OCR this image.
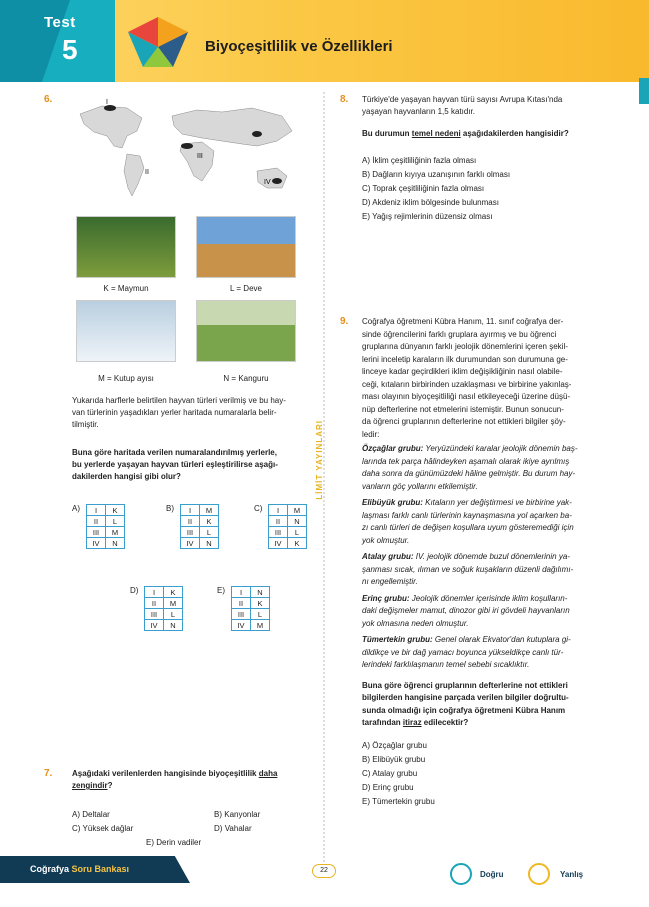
Test
5	Biyoçeşitlilik ve Özellikleri
6.	I
II
III
IV
K = Maymun	L = Deve
M = Kutup ayısı	N = Kanguru
Yukarıda harflerle belirtilen hayvan türleri verilmiş ve bu hay-
van türlerinin yaşadıkları yerler haritada numaralarla belir-
tilmiştir.
Buna göre haritada verilen numaralandırılmış yerlerle,
bu yerlerde yaşayan hayvan türleri eşleştirilirse aşağı-
dakilerden hangisi gibi olur?
7. Aşağıdaki verilenlerden hangisinde biyoçeşitlilik daha
zengindir?
A) Deltalar	B) Kanyonlar
C) Yüksek dağlar	D) Vahalar
E) Derin vadiler
LİMİT YAYINLARI
8. Türkiye'de yaşayan hayvan türü sayısı Avrupa Kıtası'nda
yaşayan hayvanların 1,5 katıdır.
Bu durumun temel nedeni aşağıdakilerden hangisidir?
9.
Coğrafya Soru Bankası	22	Doğru	Yanlış
A) I	K
II	L
III	M
IV	N
B) I	M
II	K
III	L
IV	N
C) I	M
II	N
III	L
IV	K
D) I	K
II	M
III	L
IV	N
E) I	N
II	K
III	L
IV	M
A) İklim çeşitliliğinin fazla olması
B) Dağların kıyıya uzanışının farklı olması
C) Toprak çeşitliliğinin fazla olması
D) Akdeniz iklim bölgesinde bulunması
E) Yağış rejimlerinin düzensiz olması
Coğrafya öğretmeni Kübra Hanım, 11. sınıf coğrafya der-
sinde öğrencilerini farklı gruplara ayırmış ve bu öğrenci
gruplarına dünyanın farklı jeolojik dönemlerini içeren şekil-
lerini inceletip karaların ilk durumundan son durumuna ge-
linceye kadar geçirdikleri iklim değişikliğinin nasıl olabile-
ceği, kıtaların birbirinden uzaklaşması ve birbirine yakınlaş-
ması olayının biyoçeşitliliği nasıl etkileyeceği üzerine düşü-
nüp defterlerine not etmelerini istemiştir. Bunun sonucun-
da öğrenci gruplarının defterlerine not ettikleri bilgiler şöy-
ledir:
Özçağlar grubu: Yeryüzündeki karalar jeolojik dönemin baş-
larında tek parça hâlindeyken aşamalı olarak ikiye ayrılmış
daha sonra da günümüzdeki hâline gelmiştir. Bu durum hay-
vanların göç yollarını etkilemiştir.
Elibüyük grubu: Kıtaların yer değiştirmesi ve birbirine yak-
laşması farklı canlı türlerinin kaynaşmasına yol açarken ba-
zı canlı türleri de değişen koşullara uyum gösteremediği için
yok olmuştur.
Atalay grubu: IV. jeolojik dönemde buzul dönemlerinin ya-
şanması sıcak, ılıman ve soğuk kuşakların düzenli dağılımı-
nı engellemiştir.
Erinç grubu: Jeolojik dönemler içerisinde iklim koşulların-
daki değişmeler mamut, dinozor gibi iri gövdeli hayvanların
yok olmasına neden olmuştur.
Tümertekin grubu: Genel olarak Ekvator'dan kutuplara gi-
dildikçe ve bir dağ yamacı boyunca yükseldikçe canlı tür-
lerindeki farklılaşmanın temel sebebi sıcaklıktır.
Buna göre öğrenci gruplarının defterlerine not ettikleri
bilgilerden hangisine parçada verilen bilgiler doğrultu-
sunda olmadığı için coğrafya öğretmeni Kübra Hanım
tarafından itiraz edilecektir?
A) Özçağlar grubu
B) Elibüyük grubu
C) Atalay grubu
D) Erinç grubu
E) Tümertekin grubu
